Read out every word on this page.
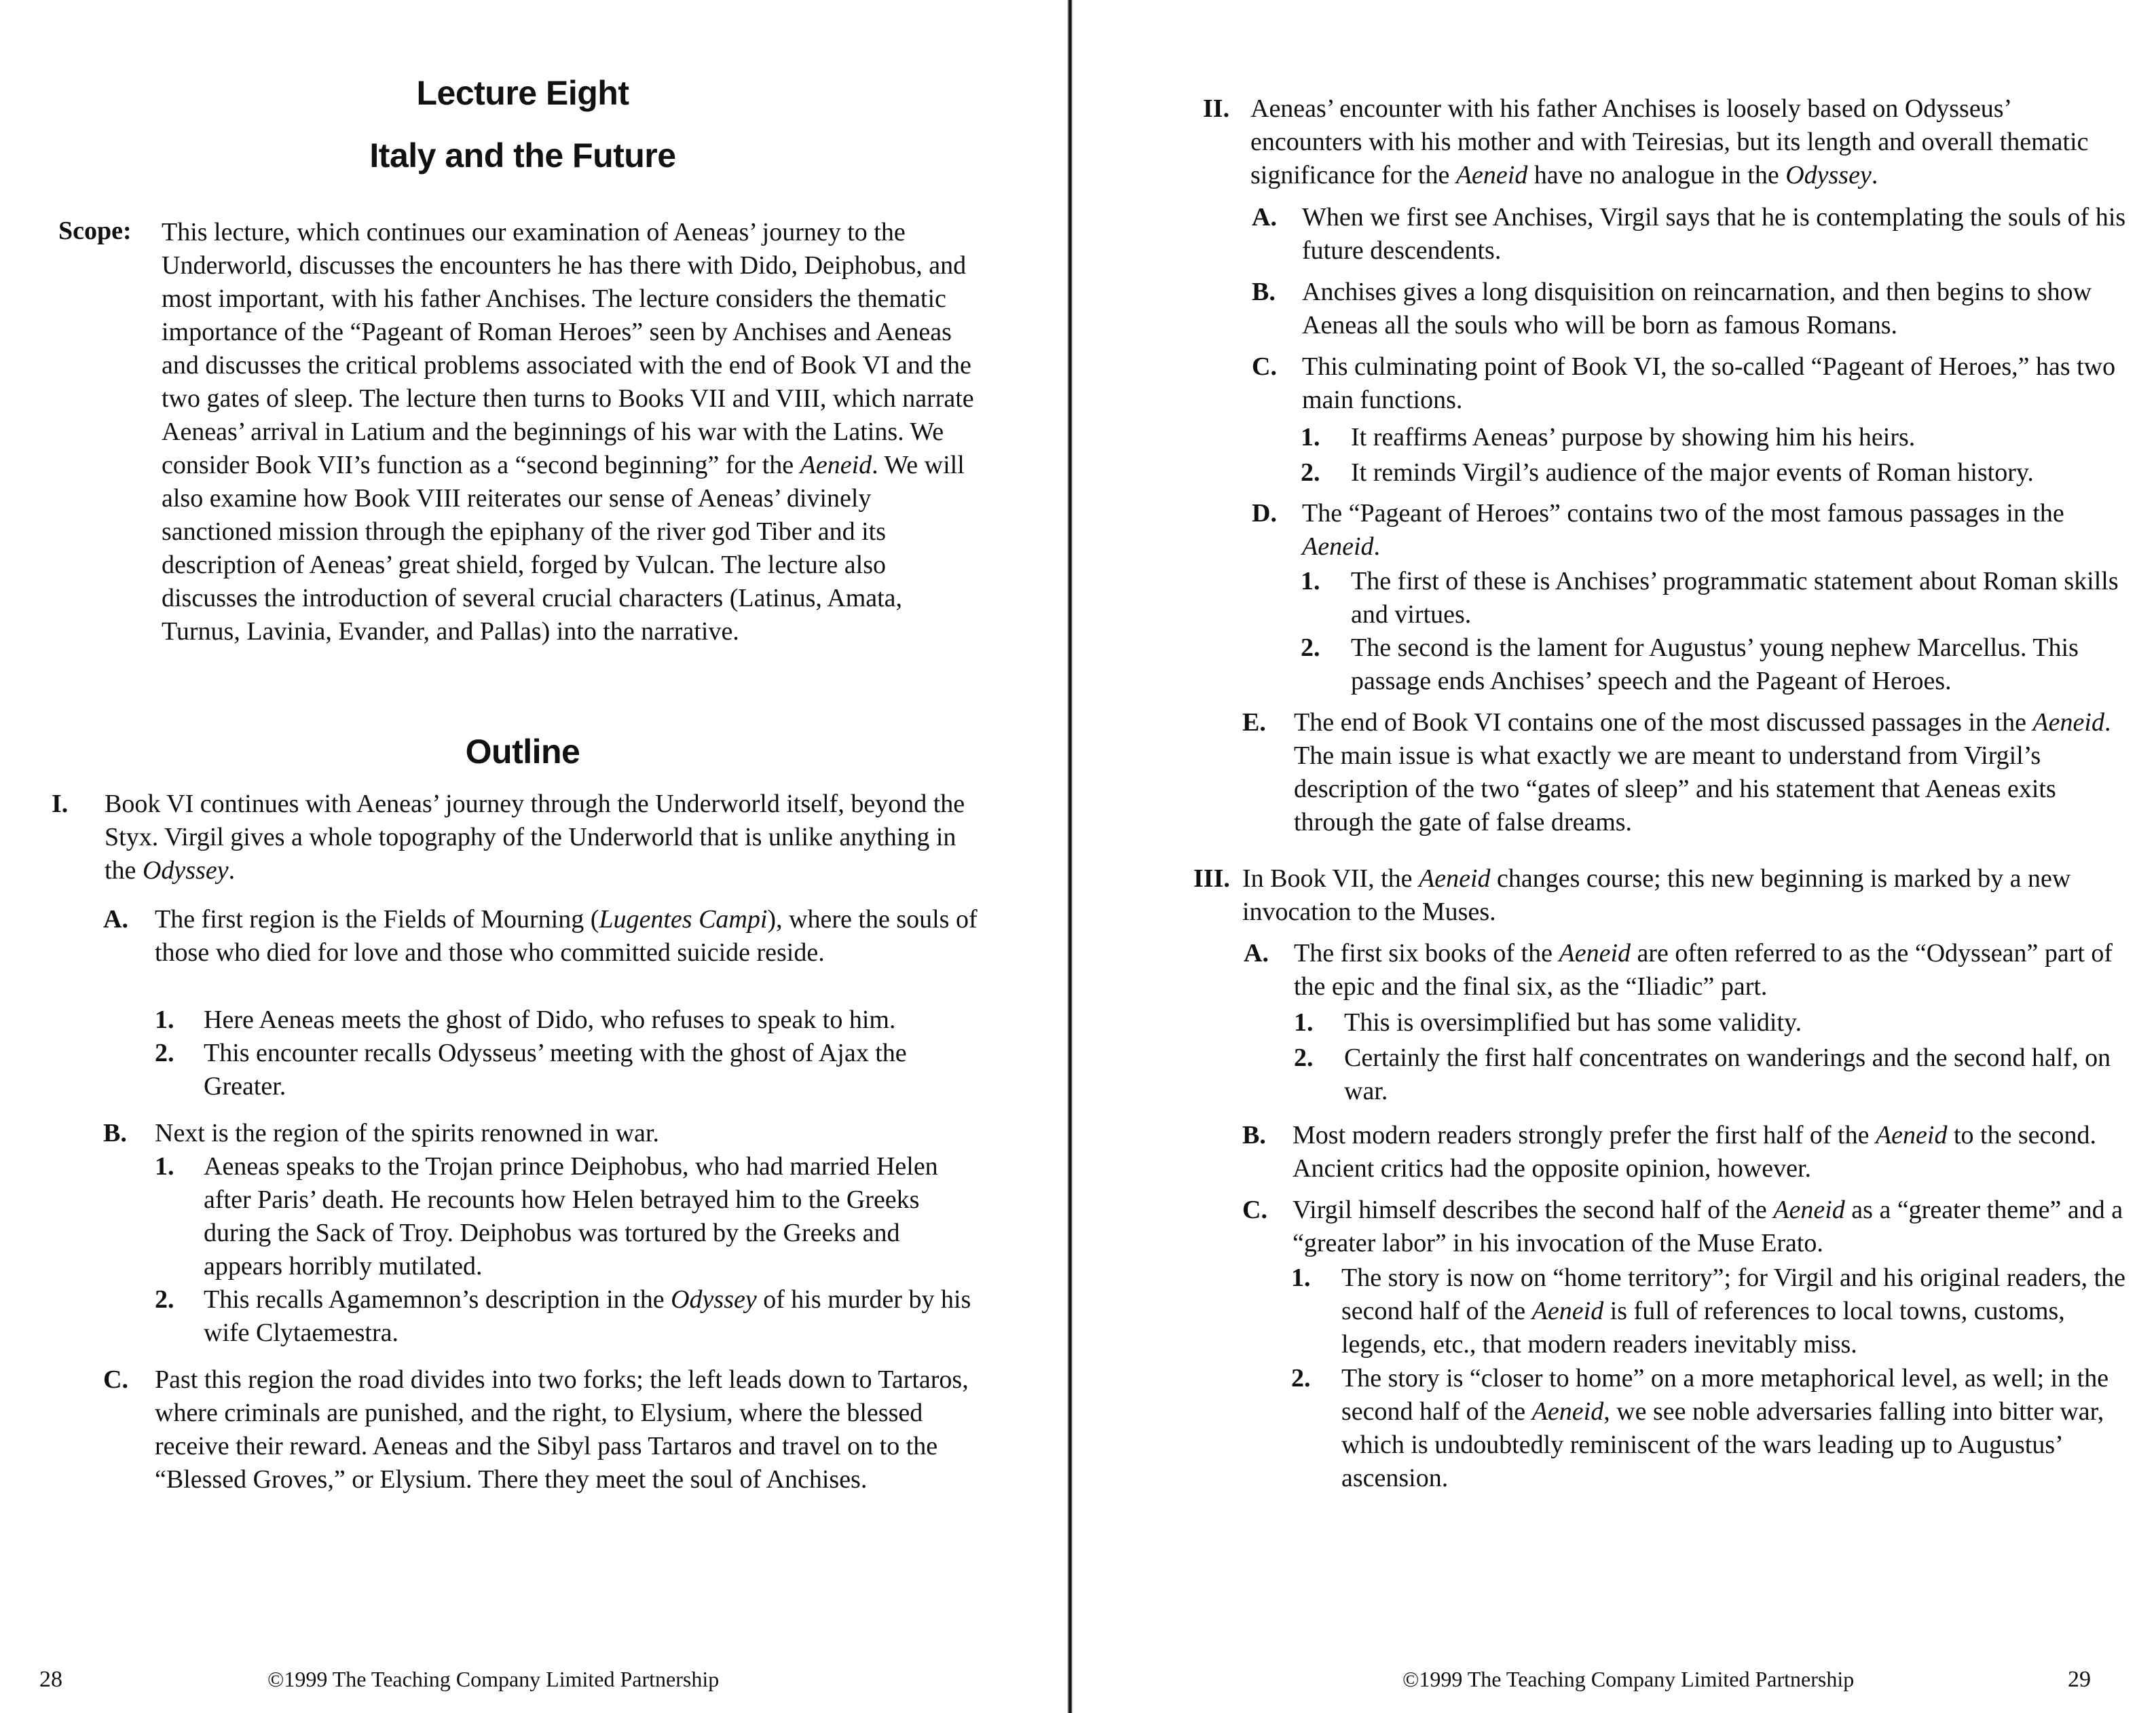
Lecture Eight
Italy and the Future
Scope: This lecture, which continues our examination of Aeneas’ journey to the Underworld, discusses the encounters he has there with Dido, Deiphobus, and most important, with his father Anchises. The lecture considers the thematic importance of the “Pageant of Roman Heroes” seen by Anchises and Aeneas and discusses the critical problems associated with the end of Book VI and the two gates of sleep. The lecture then turns to Books VII and VIII, which narrate Aeneas’ arrival in Latium and the beginnings of his war with the Latins. We consider Book VII’s function as a “second beginning” for the Aeneid. We will also examine how Book VIII reiterates our sense of Aeneas’ divinely sanctioned mission through the epiphany of the river god Tiber and its description of Aeneas’ great shield, forged by Vulcan. The lecture also discusses the introduction of several crucial characters (Latinus, Amata, Turnus, Lavinia, Evander, and Pallas) into the narrative.
Outline
I. Book VI continues with Aeneas’ journey through the Underworld itself, beyond the Styx. Virgil gives a whole topography of the Underworld that is unlike anything in the Odyssey.
A. The first region is the Fields of Mourning (Lugentes Campi), where the souls of those who died for love and those who committed suicide reside.
1. Here Aeneas meets the ghost of Dido, who refuses to speak to him.
2. This encounter recalls Odysseus’ meeting with the ghost of Ajax the Greater.
B. Next is the region of the spirits renowned in war.
1. Aeneas speaks to the Trojan prince Deiphobus, who had married Helen after Paris’ death. He recounts how Helen betrayed him to the Greeks during the Sack of Troy. Deiphobus was tortured by the Greeks and appears horribly mutilated.
2. This recalls Agamemnon’s description in the Odyssey of his murder by his wife Clytaemestra.
C. Past this region the road divides into two forks; the left leads down to Tartaros, where criminals are punished, and the right, to Elysium, where the blessed receive their reward. Aeneas and the Sibyl pass Tartaros and travel on to the “Blessed Groves,” or Elysium. There they meet the soul of Anchises.
28	©1999 The Teaching Company Limited Partnership
II. Aeneas’ encounter with his father Anchises is loosely based on Odysseus’ encounters with his mother and with Teiresias, but its length and overall thematic significance for the Aeneid have no analogue in the Odyssey.
A. When we first see Anchises, Virgil says that he is contemplating the souls of his future descendents.
B. Anchises gives a long disquisition on reincarnation, and then begins to show Aeneas all the souls who will be born as famous Romans.
C. This culminating point of Book VI, the so-called “Pageant of Heroes,” has two main functions.
1. It reaffirms Aeneas’ purpose by showing him his heirs.
2. It reminds Virgil’s audience of the major events of Roman history.
D. The “Pageant of Heroes” contains two of the most famous passages in the Aeneid.
1. The first of these is Anchises’ programmatic statement about Roman skills and virtues.
2. The second is the lament for Augustus’ young nephew Marcellus. This passage ends Anchises’ speech and the Pageant of Heroes.
E. The end of Book VI contains one of the most discussed passages in the Aeneid. The main issue is what exactly we are meant to understand from Virgil’s description of the two “gates of sleep” and his statement that Aeneas exits through the gate of false dreams.
III. In Book VII, the Aeneid changes course; this new beginning is marked by a new invocation to the Muses.
A. The first six books of the Aeneid are often referred to as the “Odyssean” part of the epic and the final six, as the “Iliadic” part.
1. This is oversimplified but has some validity.
2. Certainly the first half concentrates on wanderings and the second half, on war.
B. Most modern readers strongly prefer the first half of the Aeneid to the second. Ancient critics had the opposite opinion, however.
C. Virgil himself describes the second half of the Aeneid as a “greater theme” and a “greater labor” in his invocation of the Muse Erato.
1. The story is now on “home territory”; for Virgil and his original readers, the second half of the Aeneid is full of references to local towns, customs, legends, etc., that modern readers inevitably miss.
2. The story is “closer to home” on a more metaphorical level, as well; in the second half of the Aeneid, we see noble adversaries falling into bitter war, which is undoubtedly reminiscent of the wars leading up to Augustus’ ascension.
©1999 The Teaching Company Limited Partnership	29
